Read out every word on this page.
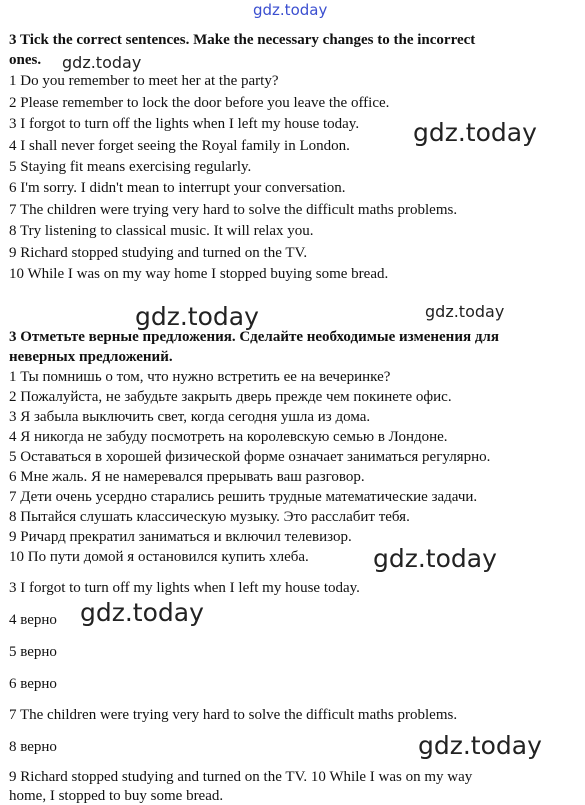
gdz.today
gdz.today
gdz.today
gdz.today	gdz.today
gdz.today
gdz.today
gdz.today
3 Tick the correct sentences. Make the necessary changes to the incorrect
ones.
1 Do you remember to meet her at the party?
2 Please remember to lock the door before you leave the office.
3 I forgot to turn off the lights when I left my house today.
4 I shall never forget seeing the Royal family in London.
5 Staying fit means exercising regularly.
6 I'm sorry. I didn't mean to interrupt your conversation.
7 The children were trying very hard to solve the difficult maths problems.
8 Try listening to classical music. It will relax you.
9 Richard stopped studying and turned on the TV.
10 While I was on my way home I stopped buying some bread.
3 Отметьте верные предложения. Сделайте необходимые изменения для
неверных предложений.
1 Ты помнишь о том, что нужно встретить ее на вечеринке?
2 Пожалуйста, не забудьте закрыть дверь прежде чем покинете офис.
3 Я забыла выключить свет, когда сегодня ушла из дома.
4 Я никогда не забуду посмотреть на королевскую семью в Лондоне.
5 Оставаться в хорошей физической форме означает заниматься регулярно.
6 Мне жаль. Я не намеревался прерывать ваш разговор.
7 Дети очень усердно старались решить трудные математические задачи.
8 Пытайся слушать классическую музыку. Это расслабит тебя.
9 Ричард прекратил заниматься и включил телевизор.
10 По пути домой я остановился купить хлеба.
3 I forgot to turn off my lights when I left my house today.
4 верно
5 верно
6 верно
7 The children were trying very hard to solve the difficult maths problems.
8 верно
9 Richard stopped studying and turned on the TV. 10 While I was on my way
home, I stopped to buy some bread.
